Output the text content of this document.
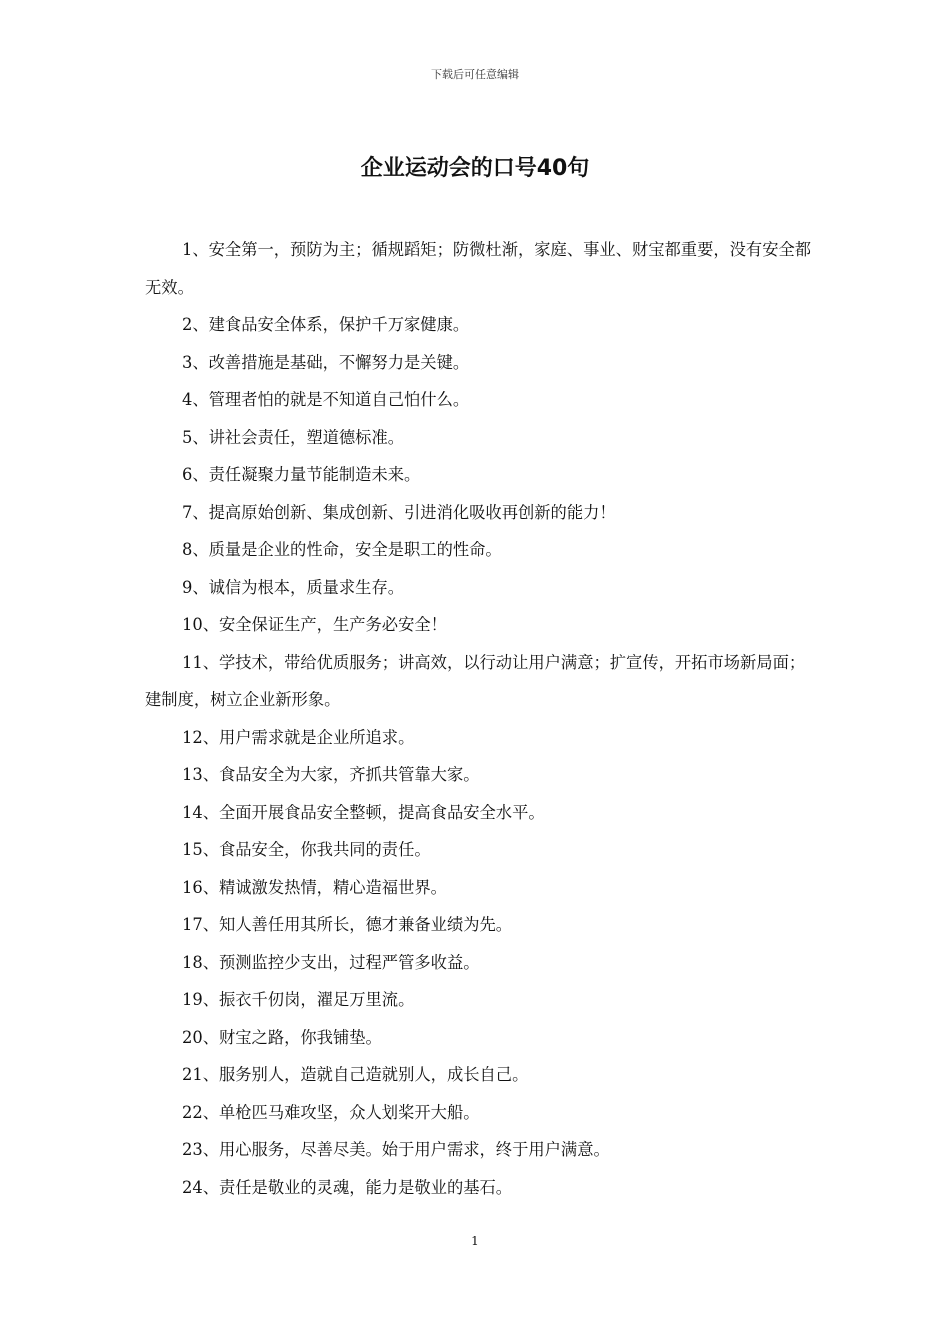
下载后可任意编辑
企业运动会的口号40句

1、安全第一，预防为主；循规蹈矩；防微杜渐，家庭、事业、财宝都重要，没有安全都无效。

2、建食品安全体系，保护千万家健康。

3、改善措施是基础，不懈努力是关键。

4、管理者怕的就是不知道自己怕什么。

5、讲社会责任，塑道德标准。

6、责任凝聚力量节能制造未来。

7、提高原始创新、集成创新、引进消化吸收再创新的能力！

8、质量是企业的性命，安全是职工的性命。

9、诚信为根本，质量求生存。

10、安全保证生产，生产务必安全！

11、学技术，带给优质服务；讲高效，以行动让用户满意；扩宣传，开拓市场新局面；建制度，树立企业新形象。

12、用户需求就是企业所追求。

13、食品安全为大家，齐抓共管靠大家。

14、全面开展食品安全整顿，提高食品安全水平。

15、食品安全，你我共同的责任。

16、精诚激发热情，精心造福世界。

17、知人善任用其所长，德才兼备业绩为先。

18、预测监控少支出，过程严管多收益。

19、振衣千仞岗，濯足万里流。

20、财宝之路，你我铺垫。

21、服务别人，造就自己造就别人，成长自己。

22、单枪匹马难攻坚，众人划桨开大船。

23、用心服务，尽善尽美。始于用户需求，终于用户满意。

24、责任是敬业的灵魂，能力是敬业的基石。

1
